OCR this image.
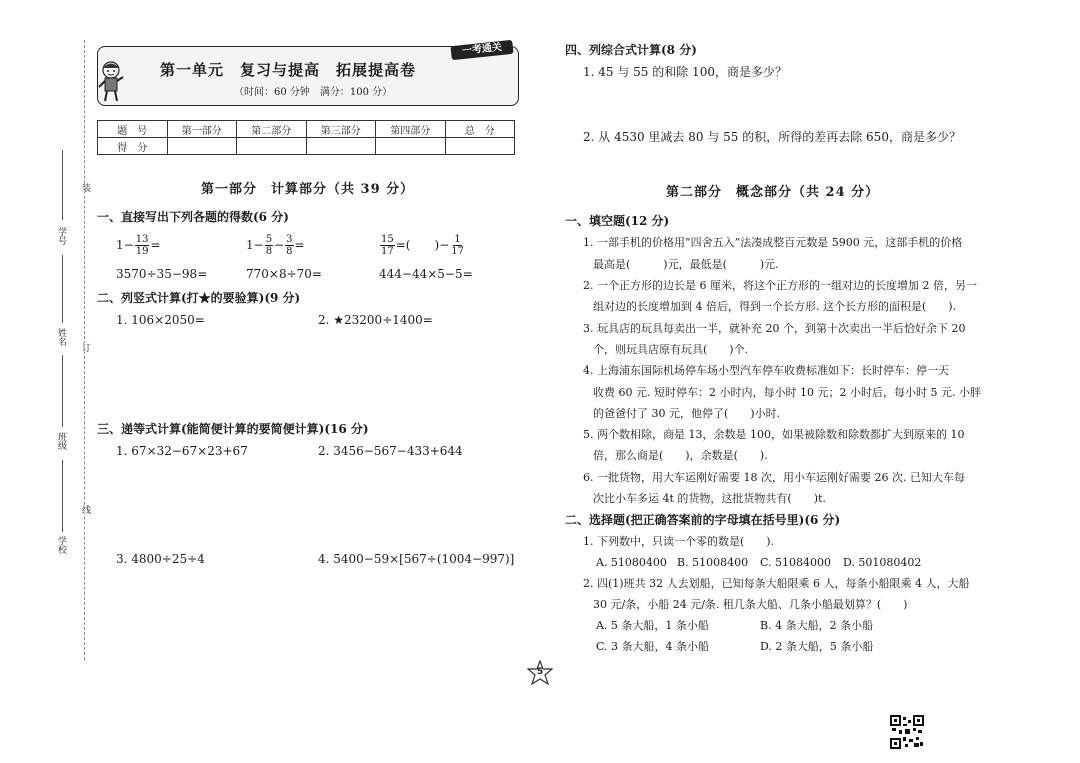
学号
姓名
班级
学校
装
订
线
第一单元　复习与提高　拓展提高卷
（时间：60 分钟　满分：100 分）
一考通关
题　号	第一部分	第二部分	第三部分	第四部分	总　分
得　分					
第一部分　计算部分（共 39 分）
一、直接写出下列各题的得数(6 分)
$1- \frac{13}{19}$ =	$1- \frac{5}{8} - \frac{3}{8}$ =	$\frac{15}{17}$ =(　　)− $\frac{1}{17}$
3570÷35−98=	770×8÷70=	444−44×5−5=
二、列竖式计算(打★的要验算)(9 分)
1. 106×2050=	2. ★23200÷1400=
三、递等式计算(能简便计算的要简便计算)(16 分)
1. 67×32−67×23+67	2. 3456−567−433+644
3. 4800÷25÷4	4. 5400−59×[567÷(1004−997)]
四、列综合式计算(8 分)
1. 45 与 55 的和除 100，商是多少？
2. 从 4530 里减去 80 与 55 的积，所得的差再去除 650，商是多少？
第二部分　概念部分（共 24 分）
一、填空题(12 分)
1. 一部手机的价格用“四舍五入”法凑成整百元数是 5900 元，这部手机的价格
最高是(　　　)元，最低是(　　　)元.
2. 一个正方形的边长是 6 厘米，将这个正方形的一组对边的长度增加 2 倍，另一
组对边的长度增加到 4 倍后，得到一个长方形. 这个长方形的面积是(　　).
3. 玩具店的玩具每卖出一半，就补充 20 个，到第十次卖出一半后恰好余下 20
个，则玩具店原有玩具(　　)个.
4. 上海浦东国际机场停车场小型汽车停车收费标准如下：长时停车：停一天
收费 60 元. 短时停车：2 小时内，每小时 10 元；2 小时后，每小时 5 元. 小胖
的爸爸付了 30 元，他停了(　　)小时.
5. 两个数相除，商是 13，余数是 100，如果被除数和除数都扩大到原来的 10
倍，那么商是(　　)，余数是(　　).
6. 一批货物，用大车运刚好需要 18 次，用小车运刚好需要 26 次. 已知大车每
次比小车多运 4t 的货物，这批货物共有(　　)t.
二、选择题(把正确答案前的字母填在括号里)(6 分)
1. 下列数中，只读一个零的数是(　　).
A. 51080400 B. 51008400 C. 51084000 D. 501080402
2. 四(1)班共 32 人去划船，已知每条大船限乘 6 人，每条小船限乘 4 人，大船
30 元/条，小船 24 元/条. 租几条大船、几条小船最划算？(　　)
A. 5 条大船，1 条小船	B. 4 条大船，2 条小船
C. 3 条大船，4 条小船	D. 2 条大船，5 条小船
5
